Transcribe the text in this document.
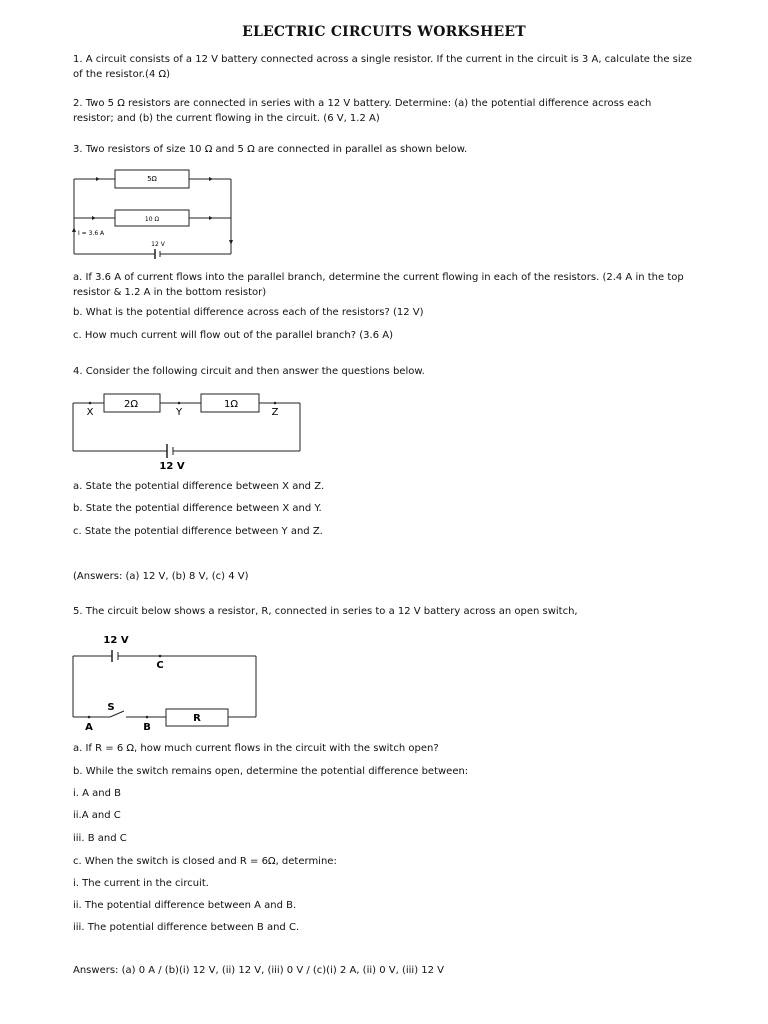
ELECTRIC CIRCUITS WORKSHEET
1. A circuit consists of a 12 V battery connected across a single resistor. If the current in the circuit is 3 A, calculate the size of the resistor.(4 Ω)
2. Two 5 Ω resistors are connected in series with a 12 V battery. Determine: (a) the potential difference across each resistor; and (b) the current flowing in the circuit. (6 V, 1.2 A)
3. Two resistors of size 10 Ω and 5 Ω are connected in parallel as shown below.
5Ω
10 Ω
I = 3.6 A
12 V
a. If 3.6 A of current flows into the parallel branch, determine the current flowing in each of the resistors. (2.4 A in the top resistor & 1.2 A in the bottom resistor)
b. What is the potential difference across each of the resistors? (12 V)
c. How much current will flow out of the parallel branch? (3.6 A)
4. Consider the following circuit and then answer the questions below.
2Ω	1Ω
X	Y	Z
12 V
a. State the potential difference between X and Z.
b. State the potential difference between X and Y.
c. State the potential difference between Y and Z.
(Answers: (a) 12 V, (b) 8 V, (c) 4 V)
5. The circuit below shows a resistor, R, connected in series to a 12 V battery across an open switch,
12 V
C
S
R
A	B
a. If R = 6 Ω, how much current flows in the circuit with the switch open?
b. While the switch remains open, determine the potential difference between:
i. A and B
ii.A and C
iii. B and C
c. When the switch is closed and R = 6Ω, determine:
i. The current in the circuit.
ii. The potential difference between A and B.
iii. The potential difference between B and C.
Answers: (a) 0 A / (b)(i) 12 V, (ii) 12 V, (iii) 0 V / (c)(i) 2 A, (ii) 0 V, (iii) 12 V
